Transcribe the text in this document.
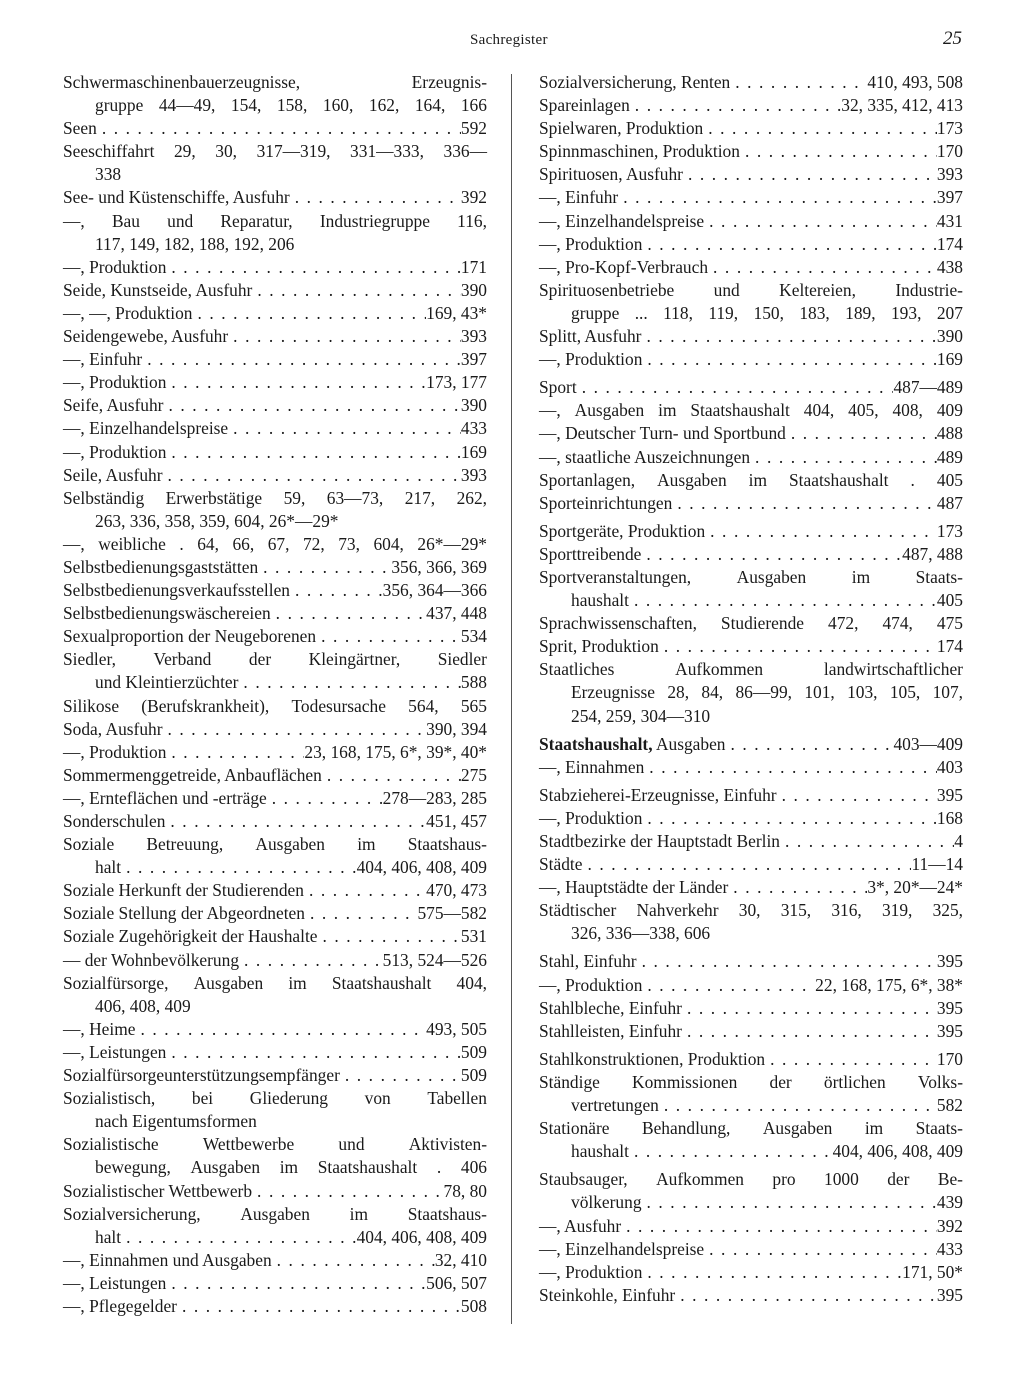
Sachregister	25
Schwermaschinenbauerzeugnisse,	Erzeugnis-
gruppe 44—49, 154, 158, 160, 162, 164, 166
Seen . . .	592
Seeschiffahrt 29, 30, 317—319, 331—333, 336—
338
See- und Küstenschiffe, Ausfuhr . . .	392
—, Bau und Reparatur, Industriegruppe 116,
117, 149, 182, 188, 192, 206
—, Produktion . . .	171
Seide, Kunstseide, Ausfuhr . . .	390
—, —, Produktion . . .	169, 43*
Seidengewebe, Ausfuhr . . .	393
—, Einfuhr . . .	397
—, Produktion . . .	173, 177
Seife, Ausfuhr . . .	390
—, Einzelhandelspreise . . .	433
—, Produktion . . .	169
Seile, Ausfuhr . . .	393
Selbständig Erwerbstätige 59, 63—73, 217, 262,
263, 336, 358, 359, 604, 26*—29*
—, weibliche . 64, 66, 67, 72, 73, 604, 26*—29*
Selbstbedienungsgaststätten . . .	356, 366, 369
Selbstbedienungsverkaufsstellen . . .	356, 364—366
Selbstbedienungswäschereien . . .	437, 448
Sexualproportion der Neugeborenen . . .	534
Siedler, Verband der Kleingärtner, Siedler
und Kleintierzüchter . . .	588
Silikose (Berufskrankheit), Todesursache 564, 565
Soda, Ausfuhr . . .	390, 394
—, Produktion . . .	23, 168, 175, 6*, 39*, 40*
Sommermenggetreide, Anbauflächen . . .	275
—, Ernteflächen und -erträge . . .	278—283, 285
Sonderschulen . . .	451, 457
Soziale Betreuung, Ausgaben im Staatshaus-
halt . . .	404, 406, 408, 409
Soziale Herkunft der Studierenden . . .	470, 473
Soziale Stellung der Abgeordneten . . .	575—582
Soziale Zugehörigkeit der Haushalte . . .	531
— der Wohnbevölkerung . . .	513, 524—526
Sozialfürsorge, Ausgaben im Staatshaushalt 404,
406, 408, 409
—, Heime . . .	493, 505
—, Leistungen . . .	509
Sozialfürsorgeunterstützungsempfänger . . .	509
Sozialistisch, bei Gliederung von Tabellen
nach Eigentumsformen
Sozialistische	Wettbewerbe	und	Aktivisten-
bewegung, Ausgaben im Staatshaushalt . 406
Sozialistischer Wettbewerb . . .	78, 80
Sozialversicherung, Ausgaben im Staatshaus-
halt . . .	404, 406, 408, 409
—, Einnahmen und Ausgaben . . .	32, 410
—, Leistungen . . .	506, 507
—, Pflegegelder . . .	508
Sozialversicherung, Renten . . .	410, 493, 508
Spareinlagen . . .	32, 335, 412, 413
Spielwaren, Produktion . . .	173
Spinnmaschinen, Produktion . . .	170
Spirituosen, Ausfuhr . . .	393
—, Einfuhr . . .	397
—, Einzelhandelspreise . . .	431
—, Produktion . . .	174
—, Pro-Kopf-Verbrauch . . .	438
Spirituosenbetriebe und Keltereien, Industrie-
gruppe ... 118, 119, 150, 183, 189, 193, 207
Splitt, Ausfuhr . . .	390
—, Produktion . . .	169
Sport . . .	487—489
—, Ausgaben im Staatshaushalt 404, 405, 408, 409
—, Deutscher Turn- und Sportbund . . .	488
—, staatliche Auszeichnungen . . .	489
Sportanlagen, Ausgaben im Staatshaushalt . 405
Sporteinrichtungen . . .	487
Sportgeräte, Produktion . . .	173
Sporttreibende . . .	487, 488
Sportveranstaltungen,	Ausgaben	im	Staats-
haushalt . . .	405
Sprachwissenschaften, Studierende 472, 474, 475
Sprit, Produktion . . .	174
Staatliches	Aufkommen	landwirtschaftlicher
Erzeugnisse 28, 84, 86—99, 101, 103, 105, 107,
254, 259, 304—310
Staatshaushalt, Ausgaben . . .	403—409
—, Einnahmen . . .	403
Stabzieherei-Erzeugnisse, Einfuhr . . .	395
—, Produktion . . .	168
Stadtbezirke der Hauptstadt Berlin . . .	4
Städte . . .	11—14
—, Hauptstädte der Länder . . .	3*, 20*—24*
Städtischer Nahverkehr 30, 315, 316, 319, 325,
326, 336—338, 606
Stahl, Einfuhr . . .	395
—, Produktion . . .	22, 168, 175, 6*, 38*
Stahlbleche, Einfuhr . . .	395
Stahlleisten, Einfuhr . . .	395
Stahlkonstruktionen, Produktion . . .	170
Ständige Kommissionen der örtlichen Volks-
vertretungen . . .	582
Stationäre Behandlung, Ausgaben im Staats-
haushalt . . .	404, 406, 408, 409
Staubsauger, Aufkommen pro 1000 der Be-
völkerung . . .	439
—, Ausfuhr . . .	392
—, Einzelhandelspreise . . .	433
—, Produktion . . .	171, 50*
Steinkohle, Einfuhr . . .	395
